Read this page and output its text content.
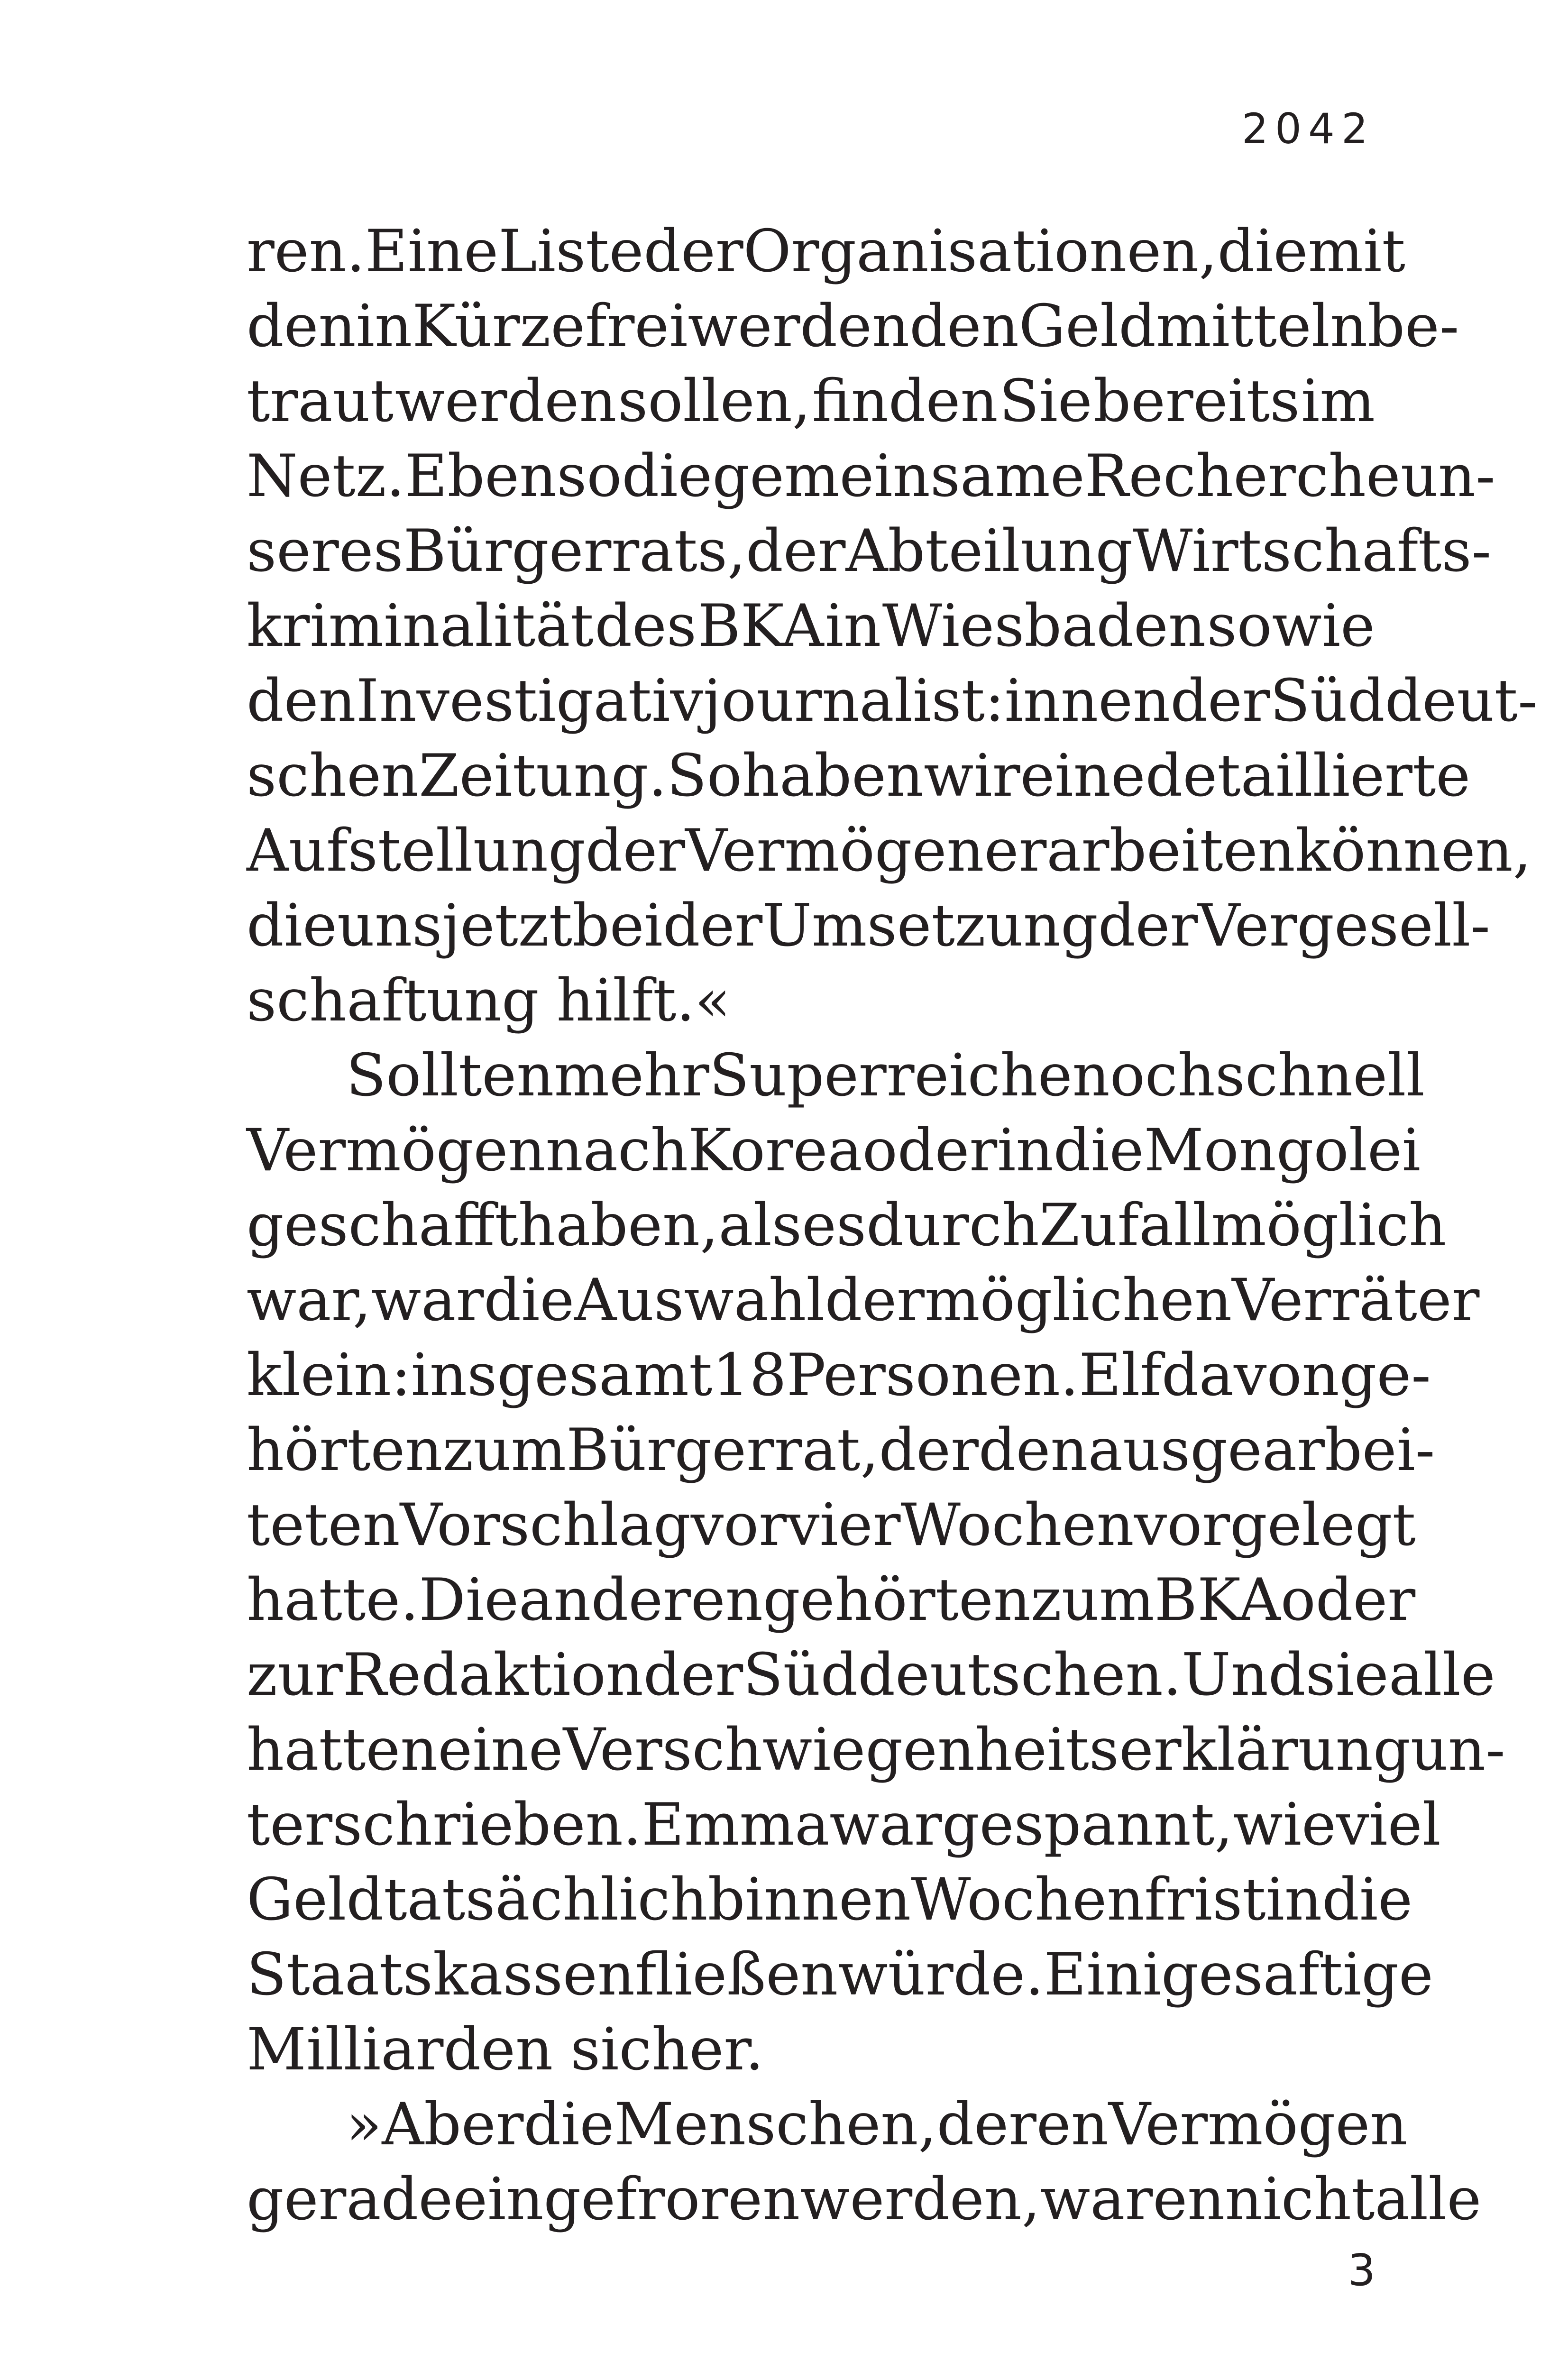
2042
ren. Eine Liste der Organisationen, die mit
den in Kürze freiwerdenden Geldmitteln be-
traut werden sollen, finden Sie bereits im
Netz. Ebenso die gemeinsame Recherche un-
seres Bürgerrats, der Abteilung Wirtschafts-
kriminalität des BKA in Wiesbaden sowie
den Investigativjournalist:innen der Süddeut-
schen Zeitung. So haben wir eine detaillierte
Aufstellung der Vermögen erarbeiten können,
die uns jetzt bei der Umsetzung der Vergesell-
schaftung hilft.«
Sollten mehr Superreiche noch schnell
Vermögen nach Korea oder in die Mongolei
geschafft haben, als es durch Zufall möglich
war, war die Auswahl der möglichen Verräter
klein: insgesamt 18 Personen. Elf davon ge-
hörten zum Bürgerrat, der den ausgearbei-
teten Vorschlag vor vier Wochen vorgelegt
hatte. Die anderen gehörten zum BKA oder
zur Redaktion der Süddeutschen. Und sie alle
hatten eine Verschwiegenheitserklärung un-
terschrieben. Emma war gespannt, wie viel
Geld tatsächlich binnen Wochenfrist in die
Staatskassen fließen würde. Einige saftige
Milliarden sicher.
»Aber die Menschen, deren Vermögen
gerade eingefroren werden, waren nicht alle
3
